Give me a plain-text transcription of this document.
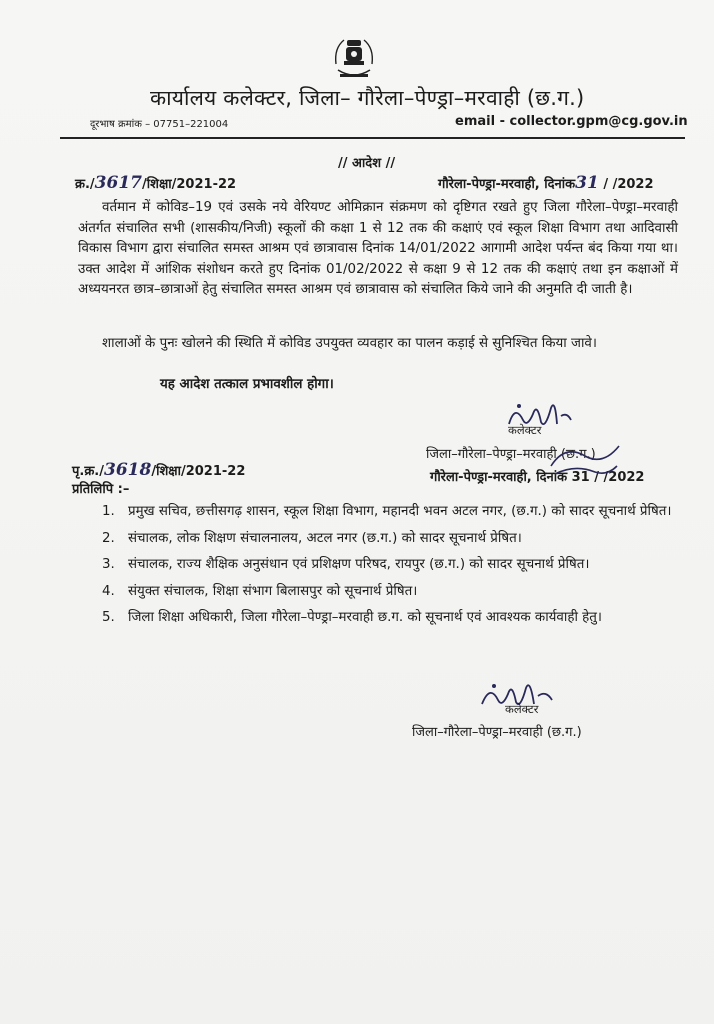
कार्यालय कलेक्टर, जिला– गौरेला–पेण्ड्रा–मरवाही (छ.ग.)
दूरभाष क्रमांक – 07751–221004	email - collector.gpm@cg.gov.in
// आदेश //
क्र./3617/शिक्षा/2021-22	गौरेला-पेण्ड्रा-मरवाही, दिनांक31 / /2022
वर्तमान में कोविड–19 एवं उसके नये वेरियण्ट ओमिक्रान संक्रमण को दृष्टिगत रखते हुए जिला गौरेला–पेण्ड्रा–मरवाही अंतर्गत संचालित सभी (शासकीय/निजी) स्कूलों की कक्षा 1 से 12 तक की कक्षाएं एवं स्कूल शिक्षा विभाग तथा आदिवासी विकास विभाग द्वारा संचालित समस्त आश्रम एवं छात्रावास दिनांक 14/01/2022 आगामी आदेश पर्यन्त बंद किया गया था। उक्त आदेश में आंशिक संशोधन करते हुए दिनांक 01/02/2022 से कक्षा 9 से 12 तक की कक्षाएं तथा इन कक्षाओं में अध्ययनरत छात्र–छात्राओं हेतु संचालित समस्त आश्रम एवं छात्रावास को संचालित किये जाने की अनुमति दी जाती है।
शालाओं के पुनः खोलने की स्थिति में कोविड उपयुक्त व्यवहार का पालन कड़ाई से सुनिश्चित किया जावे।
यह आदेश तत्काल प्रभावशील होगा।
कलेक्टर
जिला–गौरेला–पेण्ड्रा–मरवाही (छ.ग.)
गौरेला-पेण्ड्रा-मरवाही, दिनांक 31 / /2022
पृ.क्र./3618/शिक्षा/2021-22
प्रतिलिपि :–
1. प्रमुख सचिव, छत्तीसगढ़ शासन, स्कूल शिक्षा विभाग, महानदी भवन अटल नगर, (छ.ग.) को सादर सूचनार्थ प्रेषित।
2. संचालक, लोक शिक्षण संचालनालय, अटल नगर (छ.ग.) को सादर सूचनार्थ प्रेषित।
3. संचालक, राज्य शैक्षिक अनुसंधान एवं प्रशिक्षण परिषद, रायपुर (छ.ग.) को सादर सूचनार्थ प्रेषित।
4. संयुक्त संचालक, शिक्षा संभाग बिलासपुर को सूचनार्थ प्रेषित।
5. जिला शिक्षा अधिकारी, जिला गौरेला–पेण्ड्रा–मरवाही छ.ग. को सूचनार्थ एवं आवश्यक कार्यवाही हेतु।
कलेक्टर
जिला–गौरेला–पेण्ड्रा–मरवाही (छ.ग.)
